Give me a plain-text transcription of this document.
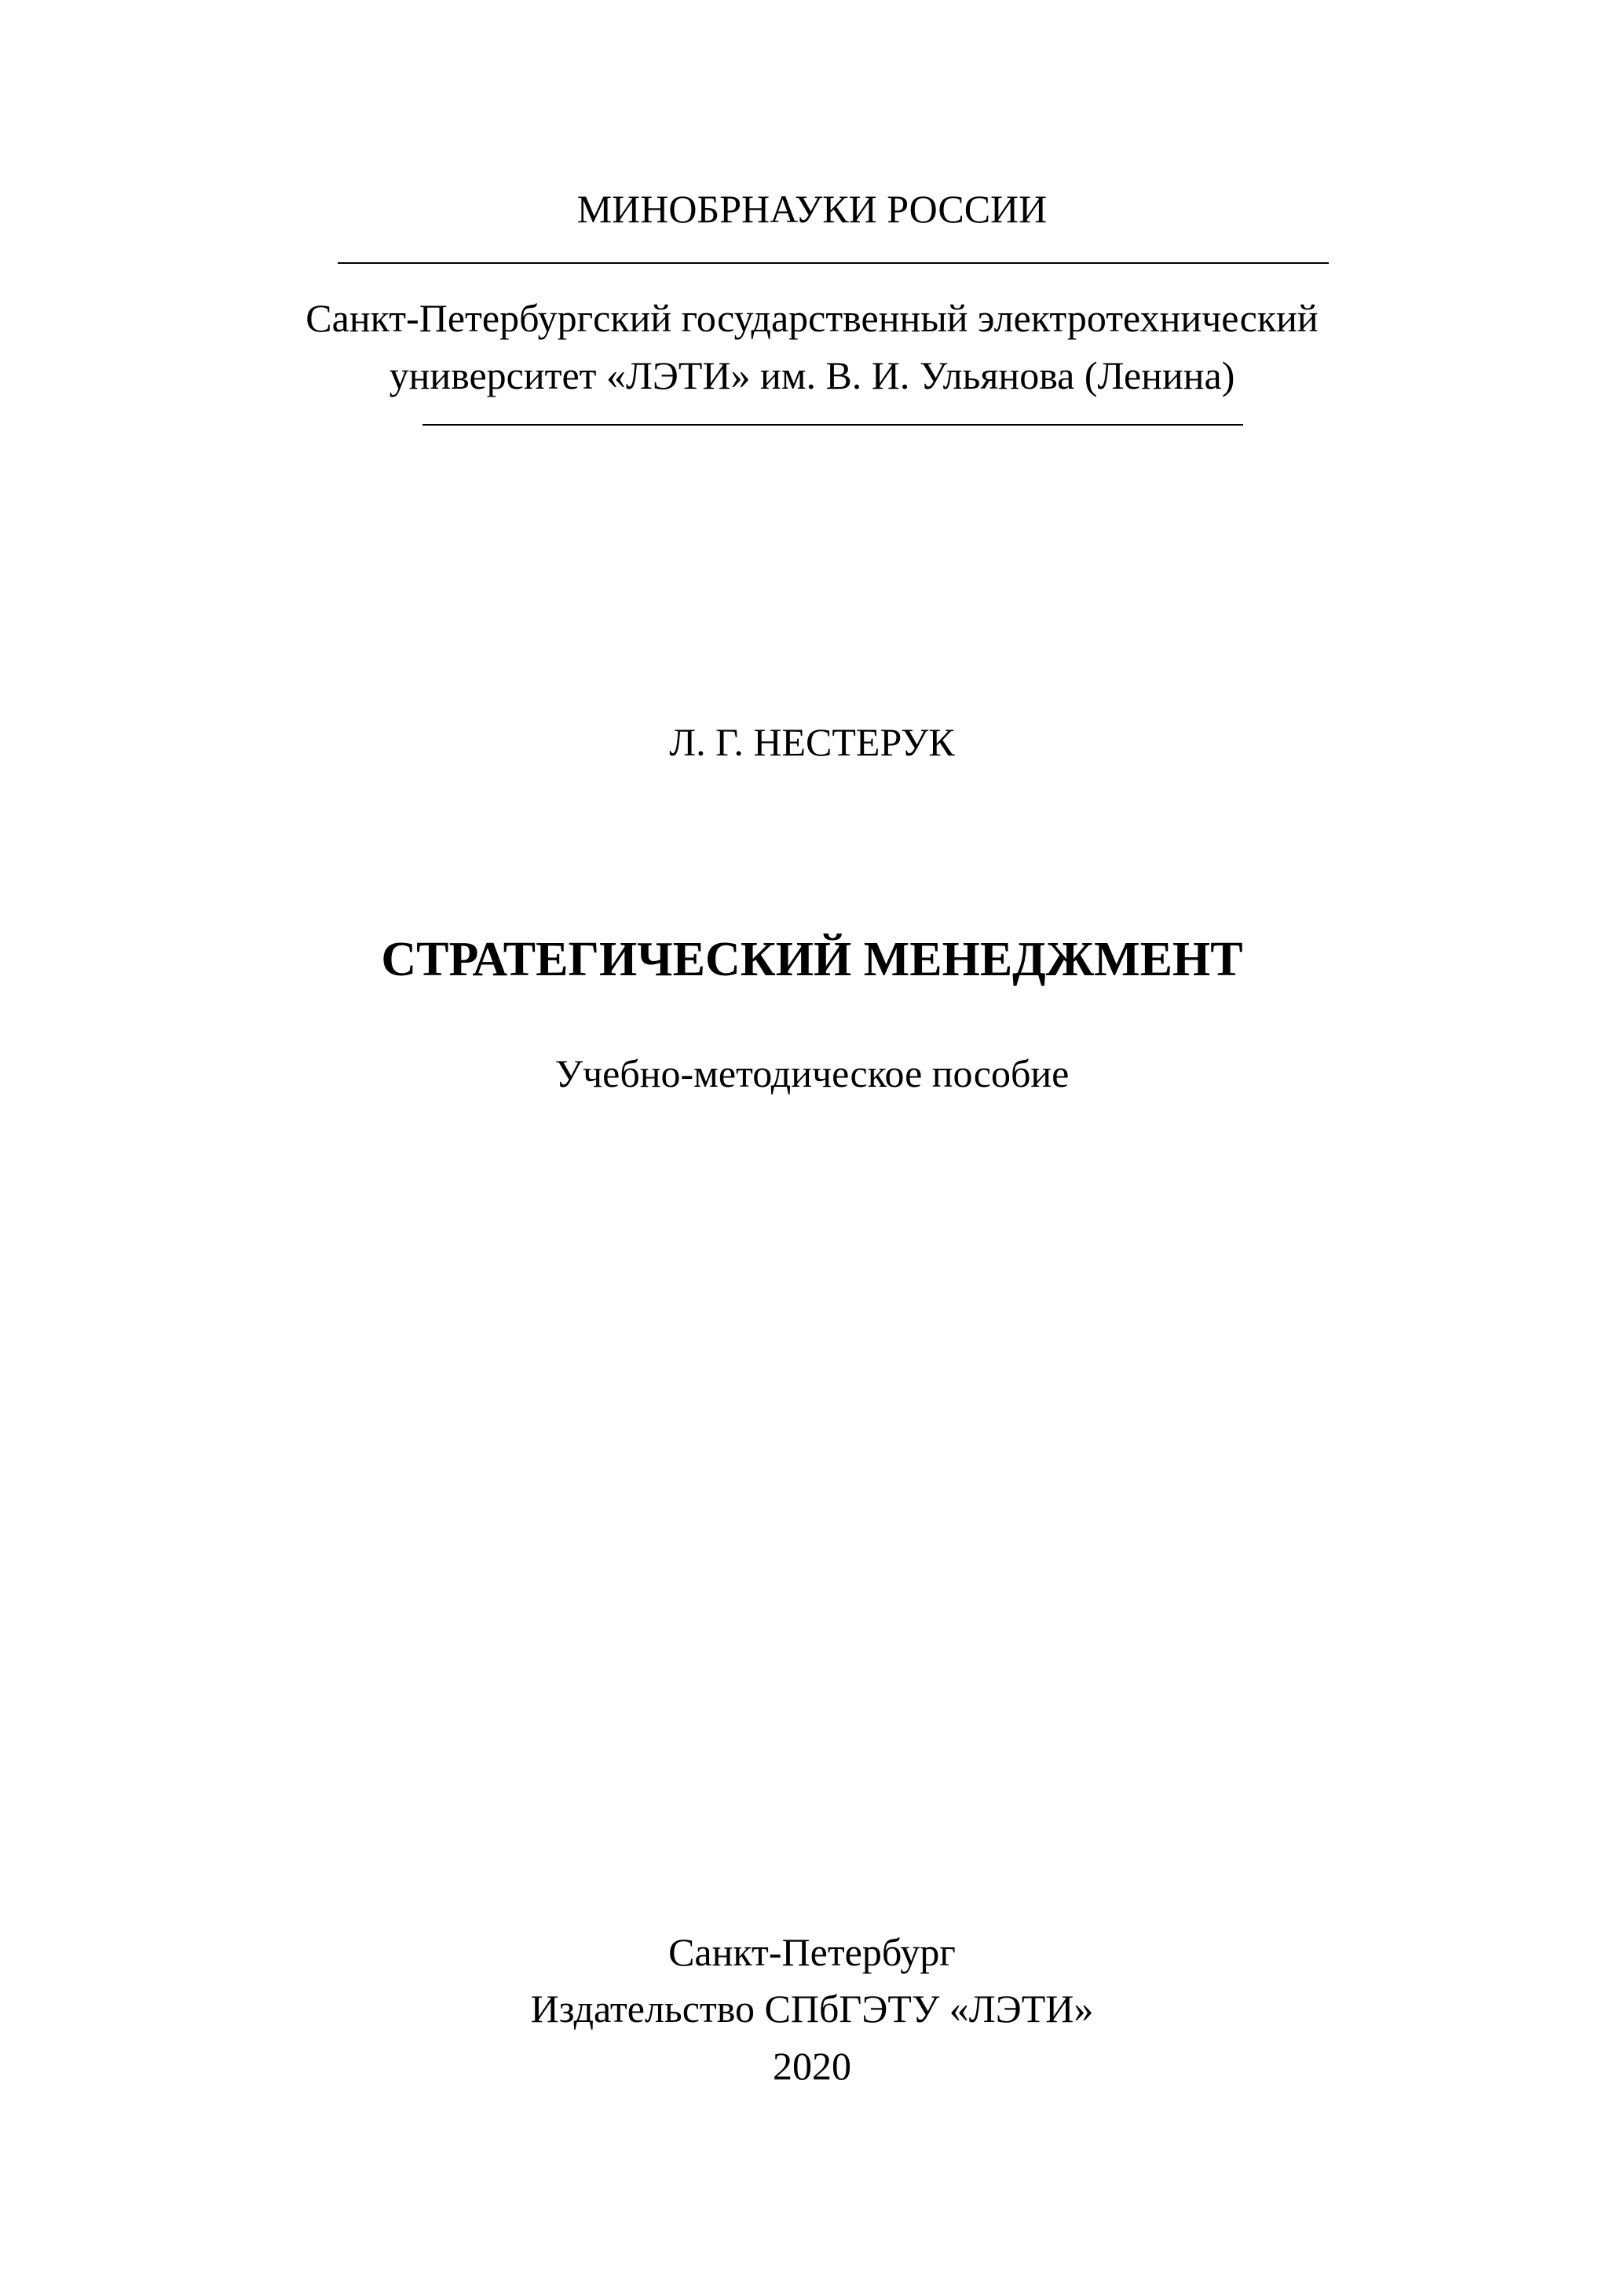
МИНОБРНАУКИ РОССИИ
Санкт-Петербургский государственный электротехнический
университет «ЛЭТИ» им. В. И. Ульянова (Ленина)
Л. Г. НЕСТЕРУК
СТРАТЕГИЧЕСКИЙ МЕНЕДЖМЕНТ
Учебно-методическое пособие
Санкт-Петербург
Издательство СПбГЭТУ «ЛЭТИ»
2020
